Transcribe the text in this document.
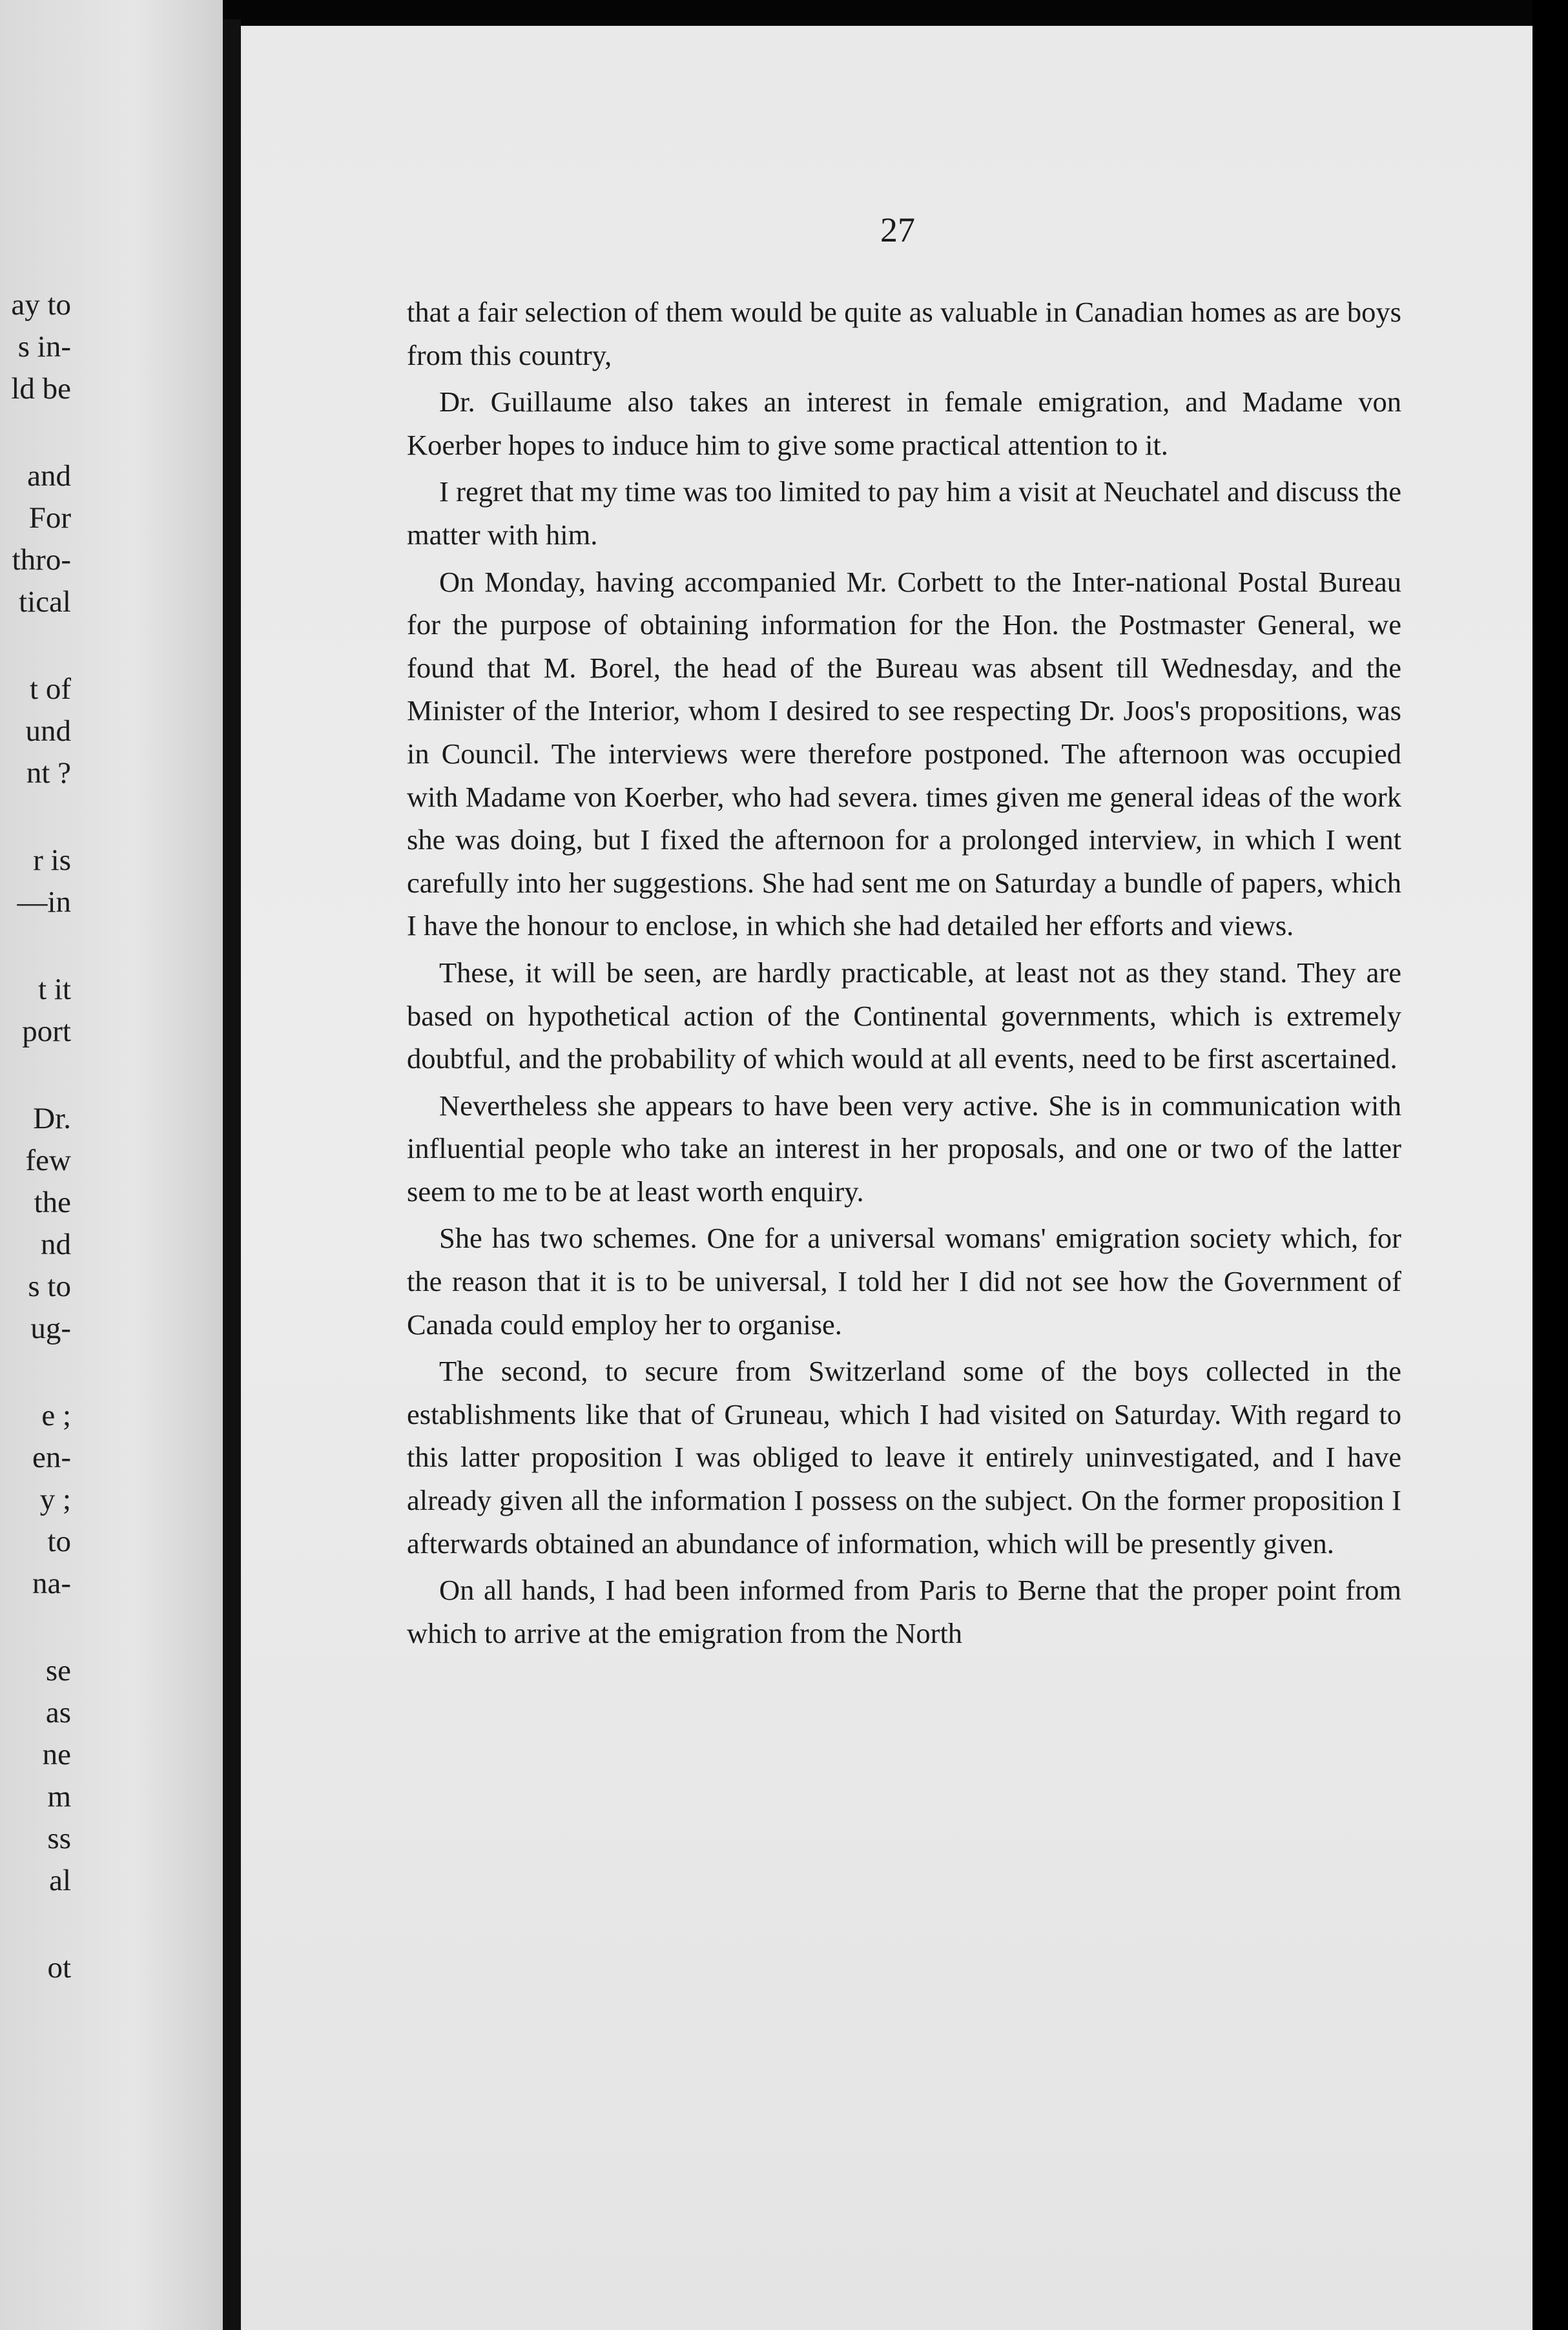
ay to
s in-
ld be
and
For
thro-
tical
t of
und
nt ?
r is
—in
t it
port
Dr.
few
the
nd
s to
ug-
e ;
en-
y ;
to
na-
se
as
ne
m
ss
al
ot
27

that a fair selection of them would be quite as valuable in Canadian homes as are boys from this country,

Dr. Guillaume also takes an interest in female emigration, and Madame von Koerber hopes to induce him to give some practical attention to it.

I regret that my time was too limited to pay him a visit at Neuchatel and discuss the matter with him.

On Monday, having accompanied Mr. Corbett to the Inter-national Postal Bureau for the purpose of obtaining information for the Hon. the Postmaster General, we found that M. Borel, the head of the Bureau was absent till Wednesday, and the Minister of the Interior, whom I desired to see respecting Dr. Joos's propositions, was in Council. The interviews were therefore postponed. The afternoon was occupied with Madame von Koerber, who had severa. times given me general ideas of the work she was doing, but I fixed the afternoon for a prolonged interview, in which I went carefully into her suggestions. She had sent me on Saturday a bundle of papers, which I have the honour to enclose, in which she had detailed her efforts and views.

These, it will be seen, are hardly practicable, at least not as they stand. They are based on hypothetical action of the Continental governments, which is extremely doubtful, and the probability of which would at all events, need to be first ascertained.

Nevertheless she appears to have been very active. She is in communication with influential people who take an interest in her proposals, and one or two of the latter seem to me to be at least worth enquiry.

She has two schemes. One for a universal womans' emigration society which, for the reason that it is to be universal, I told her I did not see how the Government of Canada could employ her to organise.

The second, to secure from Switzerland some of the boys collected in the establishments like that of Gruneau, which I had visited on Saturday. With regard to this latter proposition I was obliged to leave it entirely uninvestigated, and I have already given all the information I possess on the subject. On the former proposition I afterwards obtained an abundance of information, which will be presently given.

On all hands, I had been informed from Paris to Berne that the proper point from which to arrive at the emigration from the North
